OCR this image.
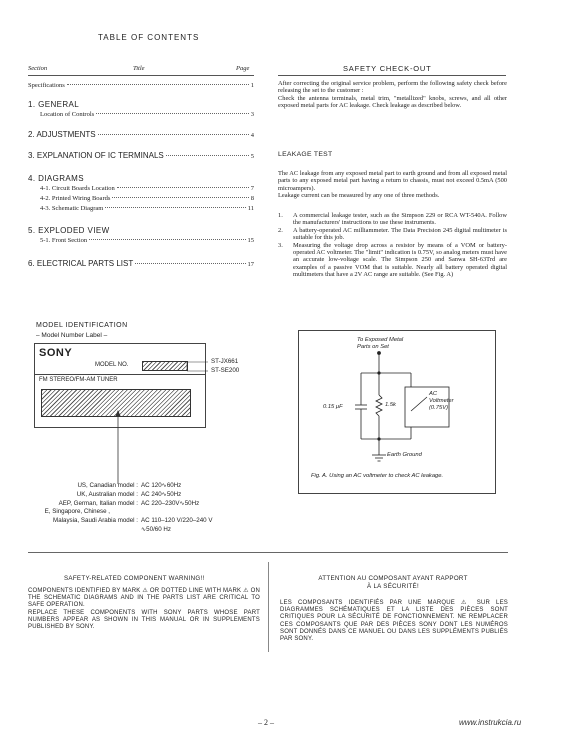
TABLE OF CONTENTS
Section	Title	Page
Specifications	1
1. GENERAL
Location of Controls	3
2. ADJUSTMENTS	4
3. EXPLANATION OF IC TERMINALS	5
4. DIAGRAMS
4-1. Circuit Boards Location	7
4-2. Printed Wiring Boards	8
4-3. Schematic Diagram	11
5. EXPLODED VIEW
5-1. Front Section	15
6. ELECTRICAL PARTS LIST	17
MODEL IDENTIFICATION
– Model Number Label –
SONY
MODEL NO.
FM STEREO/FM-AM TUNER
ST-JX661
ST-SE200
US, Canadian model : AC 120∿60Hz
UK, Australian model : AC 240∿50Hz
AEP, German, Italian model : AC 220–230V∿50Hz
E, Singapore, Chinese ,
Malaysia, Saudi Arabia model : AC 110–120 V/220–240 V
∿50/60 Hz
SAFETY CHECK-OUT
After correcting the original service problem, perform the following safety check before releasing the set to the customer :
Check the antenna terminals, metal trim, "metallized" knobs, screws, and all other exposed metal parts for AC leakage. Check leakage as described below.
LEAKAGE TEST
The AC leakage from any exposed metal part to earth ground and from all exposed metal parts to any exposed metal part having a return to chassis, must not exceed 0.5mA (500 microampers).
Leakage current can be measured by any one of three methods.
1.	A commercial leakage tester, such as the Simpson 229 or RCA WT-540A. Follow the manufacturers' instructions to use these instruments.
2.	A battery-operated AC milliammeter. The Data Precision 245 digital multimeter is suitable for this job.
3.	Measuring the voltage drop across a resistor by means of a VOM or battery-operated AC voltmeter. The "limit" indication is 0.75V, so analog meters must have an accurate low-voltage scale. The Simpson 250 and Sanwa SH-63Trd are examples of a passive VOM that is suitable. Nearly all battery operated digital multimeters that have a 2V AC range are suitable. (See Fig. A)
To Exposed Metal
Parts on Set
0.15 μF	1.5k
AC
Voltmeter
(0.75V)
Earth Ground
Fig. A. Using an AC voltmeter to check AC leakage.
SAFETY-RELATED COMPONENT WARNING!!
COMPONENTS IDENTIFIED BY MARK ⚠ OR DOTTED LINE WITH MARK ⚠ ON THE SCHEMATIC DIAGRAMS AND IN THE PARTS LIST ARE CRITICAL TO SAFE OPERATION.
REPLACE THESE COMPONENTS WITH SONY PARTS WHOSE PART NUMBERS APPEAR AS SHOWN IN THIS MANUAL OR IN SUPPLEMENTS PUBLISHED BY SONY.
ATTENTION AU COMPOSANT AYANT RAPPORT
À LA SÉCURITÉ!
LES COMPOSANTS IDENTIFIÉS PAR UNE MARQUE ⚠ SUR LES DIAGRAMMES SCHÉMATIQUES ET LA LISTE DES PIÈCES SONT CRITIQUES POUR LA SÉCURITÉ DE FONCTIONNEMENT. NE REMPLACER CES COMPOSANTS QUE PAR DES PIÈCES SONY DONT LES NUMÉROS SONT DONNÉS DANS CE MANUEL OU DANS LES SUPPLÉMENTS PUBLIÉS PAR SONY.
– 2 –	www.instrukcia.ru
